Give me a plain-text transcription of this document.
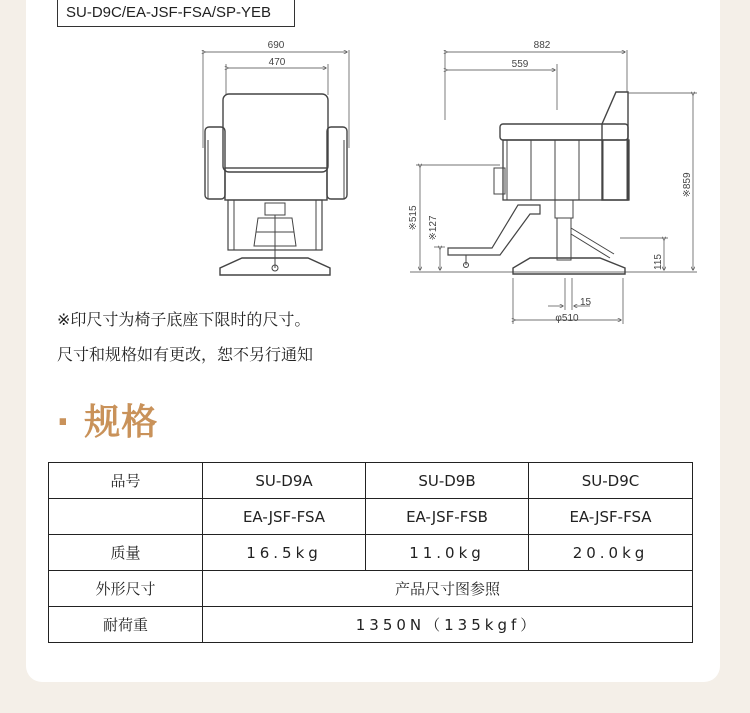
SU-D9C/EA-JSF-FSA/SP-YEB
690
470
882
559
15
φ510
※859
※515 ※127
115
※印尺寸为椅子底座下限时的尺寸。
尺寸和规格如有更改，恕不另行通知
· 规格
品号	SU-D9A	SU-D9B	SU-D9C
	EA-JSF-FSA	EA-JSF-FSB	EA-JSF-FSA
质量	16.5kg	11.0kg	20.0kg
外形尺寸	产品尺寸图参照		
耐荷重	1350N（135kgf）		
